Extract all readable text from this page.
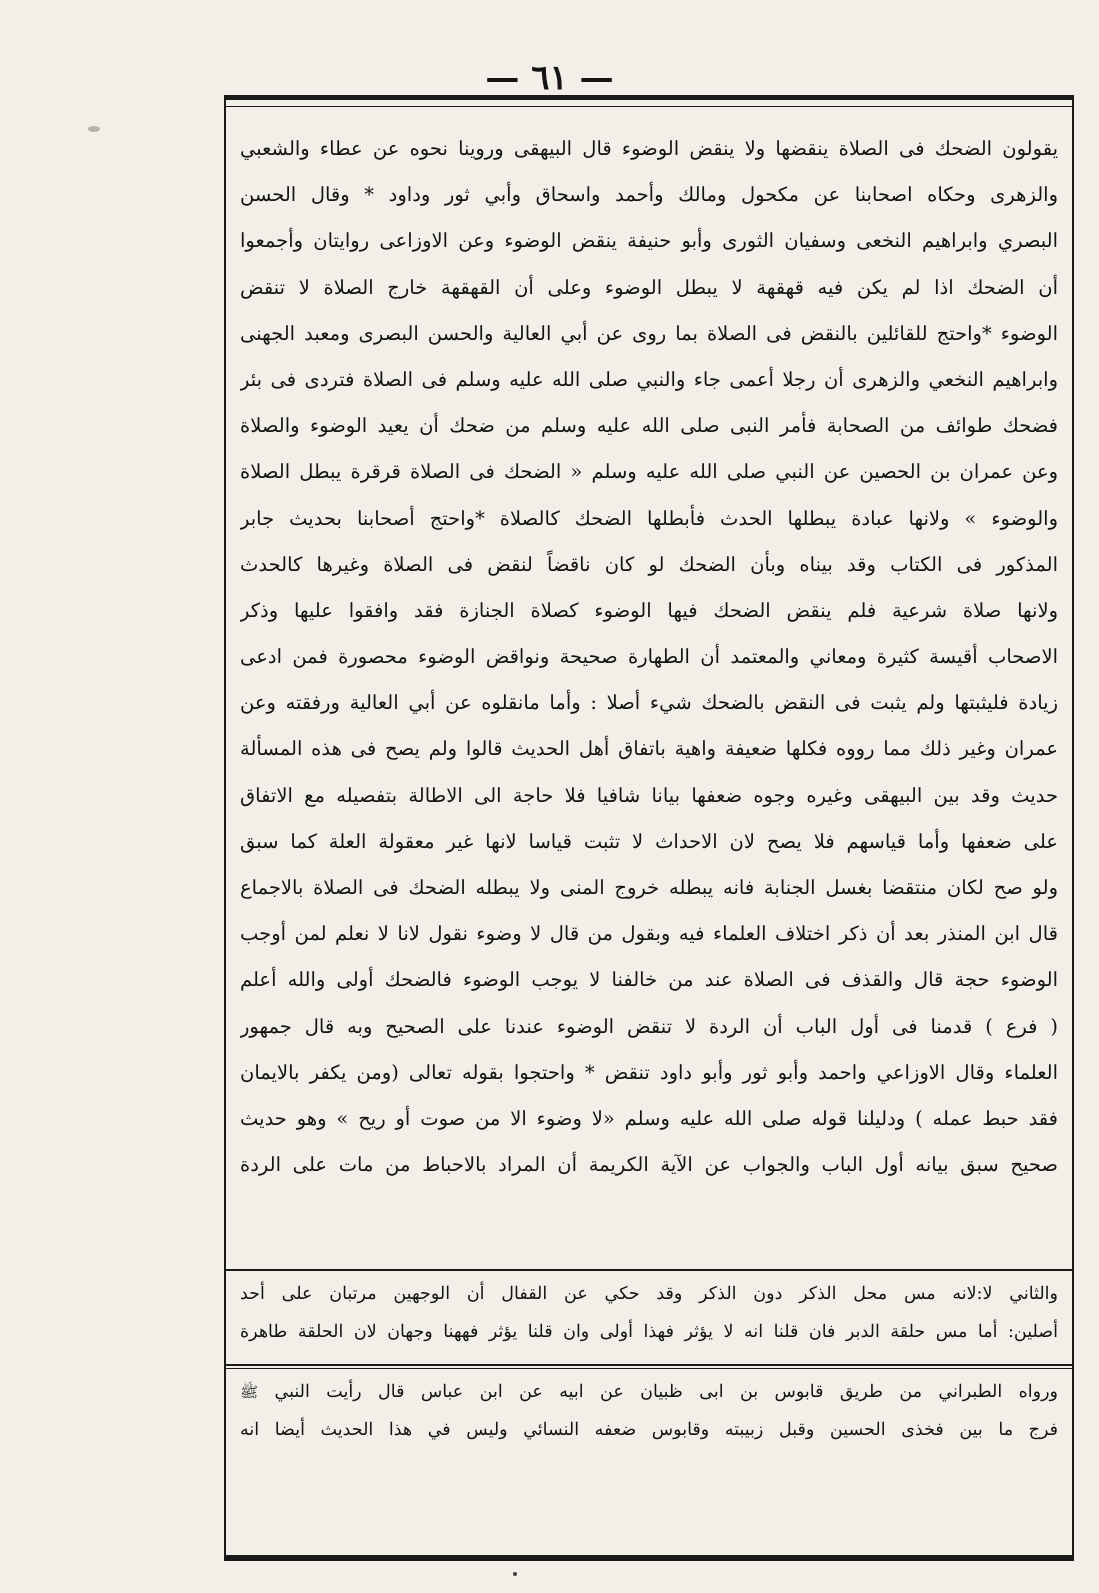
— ٦١ —

يقولون الضحك فى الصلاة ينقضها ولا ينقض الوضوء قال البيهقى وروينا نحوه عن عطاء والشعبي

والزهرى وحكاه اصحابنا عن مكحول ومالك وأحمد واسحاق وأبي ثور وداود * وقال الحسن

البصري وابراهيم النخعى وسفيان الثورى وأبو حنيفة ينقض الوضوء وعن الاوزاعى روايتان وأجمعوا

أن الضحك اذا لم يكن فيه قهقهة لا يبطل الوضوء وعلى أن القهقهة خارج الصلاة لا تنقض

الوضوء *واحتج للقائلين بالنقض فى الصلاة بما روى عن أبي العالية والحسن البصرى ومعبد الجهنى

وابراهيم النخعي والزهرى أن رجلا أعمى جاء والنبي صلى الله عليه وسلم فى الصلاة فتردى فى بئر

فضحك طوائف من الصحابة فأمر النبى صلى الله عليه وسلم من ضحك أن يعيد الوضوء والصلاة

وعن عمران بن الحصين عن النبي صلى الله عليه وسلم « الضحك فى الصلاة قرقرة يبطل الصلاة

والوضوء » ولانها عبادة يبطلها الحدث فأبطلها الضحك كالصلاة *واحتج أصحابنا بحديث جابر

المذكور فى الكتاب وقد بيناه وبأن الضحك لو كان ناقضاً لنقض فى الصلاة وغيرها كالحدث

ولانها صلاة شرعية فلم ينقض الضحك فيها الوضوء كصلاة الجنازة فقد وافقوا عليها وذكر

الاصحاب أقيسة كثيرة ومعاني والمعتمد أن الطهارة صحيحة ونواقض الوضوء محصورة فمن ادعى

زيادة فليثبتها ولم يثبت فى النقض بالضحك شيء أصلا : وأما مانقلوه عن أبي العالية ورفقته وعن

عمران وغير ذلك مما رووه فكلها ضعيفة واهية باتفاق أهل الحديث قالوا ولم يصح فى هذه المسألة

حديث وقد بين البيهقى وغيره وجوه ضعفها بيانا شافيا فلا حاجة الى الاطالة بتفصيله مع الاتفاق

على ضعفها وأما قياسهم فلا يصح لان الاحداث لا تثبت قياسا لانها غير معقولة العلة كما سبق

ولو صح لكان منتقضا بغسل الجنابة فانه يبطله خروج المنى ولا يبطله الضحك فى الصلاة بالاجماع

قال ابن المنذر بعد أن ذكر اختلاف العلماء فيه وبقول من قال لا وضوء نقول لانا لا نعلم لمن أوجب

الوضوء حجة قال والقذف فى الصلاة عند من خالفنا لا يوجب الوضوء فالضحك أولى والله أعلم

( فرع ) قدمنا فى أول الباب أن الردة لا تنقض الوضوء عندنا على الصحيح وبه قال جمهور

العلماء وقال الاوزاعي واحمد وأبو ثور وأبو داود تنقض * واحتجوا بقوله تعالى (ومن يكفر بالايمان

فقد حبط عمله ) ودليلنا قوله صلى الله عليه وسلم «لا وضوء الا من صوت أو ريح » وهو حديث

صحيح سبق بيانه أول الباب والجواب عن الآية الكريمة أن المراد بالاحباط من مات على الردة

والثاني لا:لانه مس محل الذكر دون الذكر وقد حكي عن القفال أن الوجهين مرتبان على أحد

أصلين: أما مس حلقة الدبر فان قلنا انه لا يؤثر فهذا أولى وان قلنا يؤثر فههنا وجهان لان الحلقة طاهرة

ورواه الطبراني من طريق قابوس بن ابى ظبيان عن ابيه عن ابن عباس قال رأيت النبي ﷺ

فرج ما بين فخذى الحسين وقبل زبيبته وقابوس ضعفه النسائي وليس في هذا الحديث أيضا انه
